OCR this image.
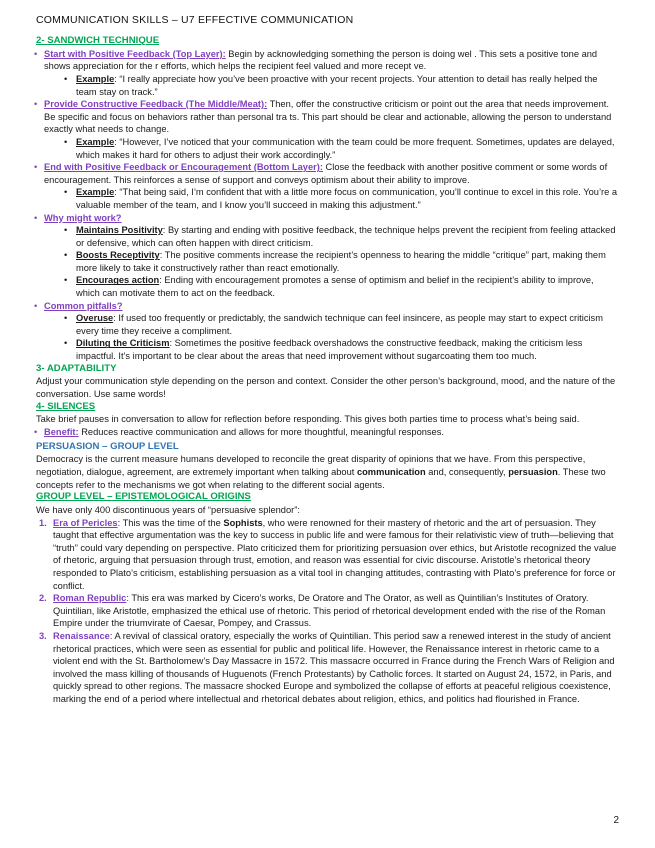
COMMUNICATION SKILLS – U7 EFFECTIVE COMMUNICATION
2- SANDWICH TECHNIQUE
• Start with Positive Feedback (Top Layer): Begin by acknowledging something the person is doing wel . This sets a positive tone and shows appreciation for the r efforts, which helps the recipient feel valued and more recept ve.
• Example: “I really appreciate how you’ve been proactive with your recent projects. Your attention to detail has really helped the team stay on track.”
• Provide Constructive Feedback (The Middle/Meat): Then, offer the constructive criticism or point out the area that needs improvement. Be specific and focus on behaviors rather than personal tra ts. This part should be clear and actionable, allowing the person to understand exactly what needs to change.
• Example: “However, I’ve noticed that your communication with the team could be more frequent. Sometimes, updates are delayed, which makes it hard for others to adjust their work accordingly.”
• End with Positive Feedback or Encouragement (Bottom Layer): Close the feedback with another positive comment or some words of encouragement. This reinforces a sense of support and conveys optimism about their ability to improve.
• Example: “That being said, I’m confident that with a little more focus on communication, you’ll continue to excel in this role. You’re a valuable member of the team, and I know you’ll succeed in making this adjustment.”
• Why might work?
• Maintains Positivity: By starting and ending with positive feedback, the technique helps prevent the recipient from feeling attacked or defensive, which can often happen with direct criticism.
• Boosts Receptivity: The positive comments increase the recipient’s openness to hearing the middle “critique” part, making them more likely to take it constructively rather than react emotionally.
• Encourages action: Ending with encouragement promotes a sense of optimism and belief in the recipient’s ability to improve, which can motivate them to act on the feedback.
• Common pitfalls?
• Overuse: If used too frequently or predictably, the sandwich technique can feel insincere, as people may start to expect criticism every time they receive a compliment.
• Diluting the Criticism: Sometimes the positive feedback overshadows the constructive feedback, making the criticism less impactful. It’s important to be clear about the areas that need improvement without sugarcoating them too much.
3- ADAPTABILITY
Adjust your communication style depending on the person and context. Consider the other person’s background, mood, and the nature of the conversation. Use same words!
4- SILENCES
Take brief pauses in conversation to allow for reflection before responding. This gives both parties time to process what’s being said.
• Benefit: Reduces reactive communication and allows for more thoughtful, meaningful responses.
PERSUASION – GROUP LEVEL
Democracy is the current measure humans developed to reconcile the great disparity of opinions that we have. From this perspective, negotiation, dialogue, agreement, are extremely important when talking about communication and, consequently, persuasion. These two concepts refer to the mechanisms we got when relating to the different social agents.
GROUP LEVEL – EPISTEMOLOGICAL ORIGINS
We have only 400 discontinuous years of “persuasive splendor”:
1. Era of Pericles: This was the time of the Sophists, who were renowned for their mastery of rhetoric and the art of persuasion. They taught that effective argumentation was the key to success in public life and were famous for their relativistic view of truth—believing that “truth” could vary depending on perspective. Plato criticized them for prioritizing persuasion over ethics, but Aristotle recognized the value of rhetoric, arguing that persuasion through trust, emotion, and reason was essential for civic discourse. Aristotle’s rhetorical theory responded to Plato’s criticism, establishing persuasion as a vital tool in changing attitudes, contrasting with Plato’s preference for force or conflict.
2. Roman Republic: This era was marked by Cicero’s works, De Oratore and The Orator, as well as Quintilian’s Institutes of Oratory. Quintilian, like Aristotle, emphasized the ethical use of rhetoric. This period of rhetorical development ended with the rise of the Roman Empire under the triumvirate of Caesar, Pompey, and Crassus.
3. Renaissance: A revival of classical oratory, especially the works of Quintilian. This period saw a renewed interest in the study of ancient rhetorical practices, which were seen as essential for public and political life. However, the Renaissance interest in rhetoric came to a violent end with the St. Bartholomew’s Day Massacre in 1572. This massacre occurred in France during the French Wars of Religion and involved the mass killing of thousands of Huguenots (French Protestants) by Catholic forces. It started on August 24, 1572, in Paris, and quickly spread to other regions. The massacre shocked Europe and symbolized the collapse of efforts at peaceful religious coexistence, marking the end of a period where intellectual and rhetorical debates about religion, ethics, and politics had flourished in France.
2
